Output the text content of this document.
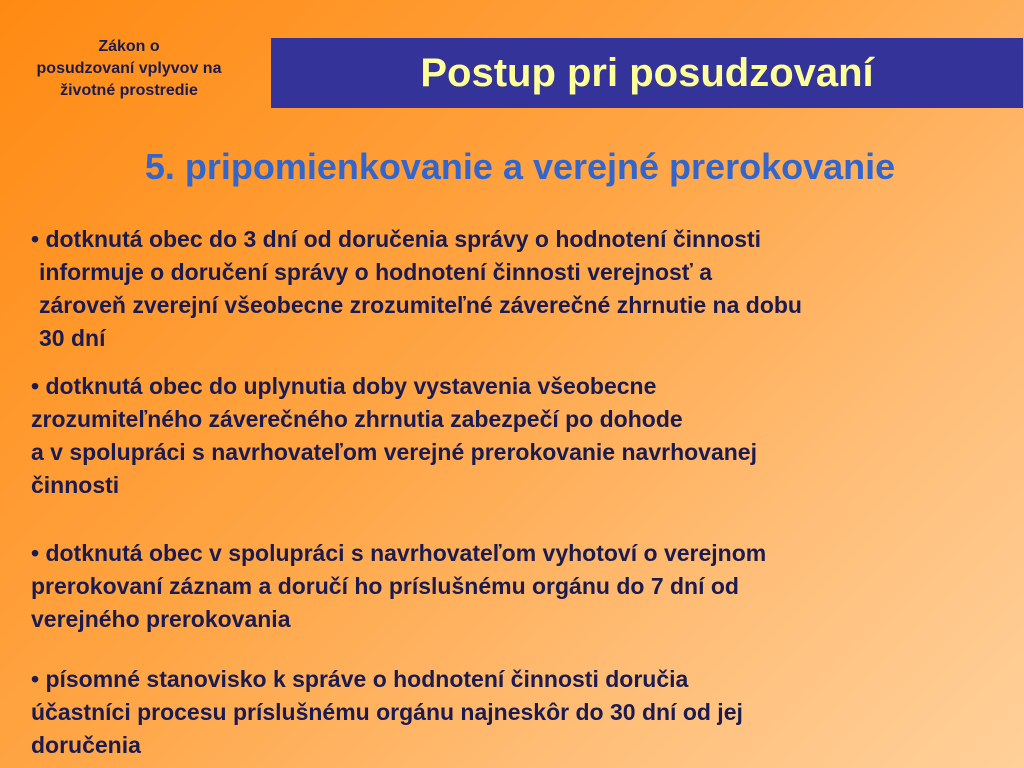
Zákon o
posudzovaní vplyvov na
životné prostredie	Postup pri posudzovaní
5. pripomienkovanie a verejné prerokovanie
• dotknutá obec do 3 dní od doručenia správy o hodnotení činnosti
informuje o doručení správy o hodnotení činnosti verejnosť a
zároveň zverejní všeobecne zrozumiteľné záverečné zhrnutie na dobu
30 dní
• dotknutá obec do uplynutia doby vystavenia všeobecne
zrozumiteľného záverečného zhrnutia zabezpečí po dohode
a v spolupráci s navrhovateľom verejné prerokovanie navrhovanej
činnosti
• dotknutá obec v spolupráci s navrhovateľom vyhotoví o verejnom
prerokovaní záznam a doručí ho príslušnému orgánu do 7 dní od
verejného prerokovania
• písomné stanovisko k správe o hodnotení činnosti doručia
účastníci procesu príslušnému orgánu najneskôr do 30 dní od jej
doručenia
